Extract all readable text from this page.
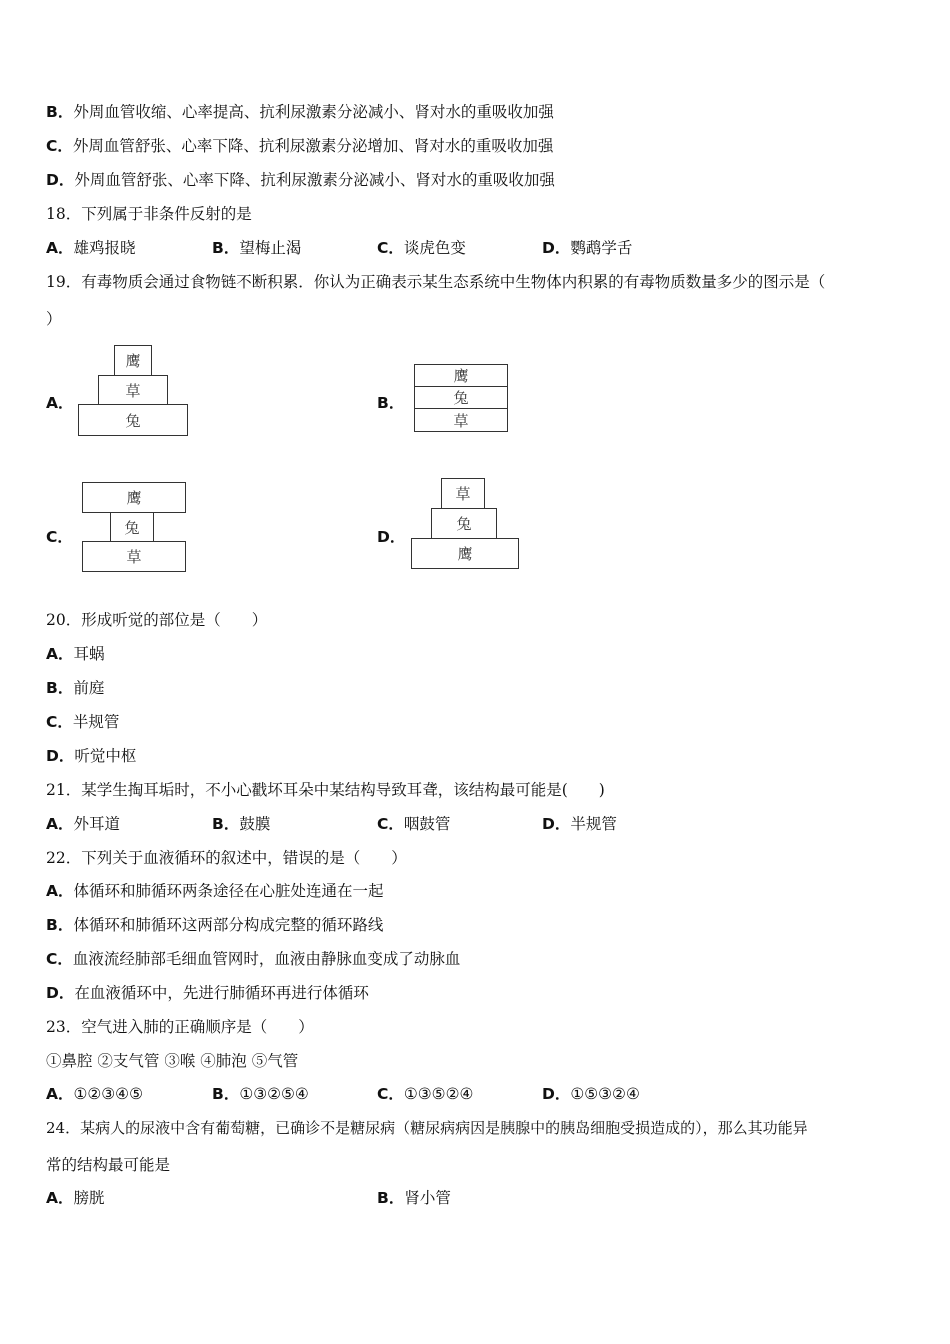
B．外周血管收缩、心率提高、抗利尿激素分泌减小、肾对水的重吸收加强
C．外周血管舒张、心率下降、抗利尿激素分泌增加、肾对水的重吸收加强
D．外周血管舒张、心率下降、抗利尿激素分泌减小、肾对水的重吸收加强
18．下列属于非条件反射的是
A．雄鸡报晓	B．望梅止渴	C．谈虎色变	D．鹦鹉学舌
19．有毒物质会通过食物链不断积累．你认为正确表示某生态系统中生物体内积累的有毒物质数量多少的图示是（
）
A．
鹰
草
兔
B．
鹰
兔
草
C．
鹰
兔
草
D．
草
兔
鹰
20．形成听觉的部位是（　　）
A．耳蜗
B．前庭
C．半规管
D．听觉中枢
21．某学生掏耳垢时，不小心戳坏耳朵中某结构导致耳聋，该结构最可能是(　　)
A．外耳道	B．鼓膜	C．咽鼓管	D．半规管
22．下列关于血液循环的叙述中，错误的是（　　）
A．体循环和肺循环两条途径在心脏处连通在一起
B．体循环和肺循环这两部分构成完整的循环路线
C．血液流经肺部毛细血管网时，血液由静脉血变成了动脉血
D．在血液循环中，先进行肺循环再进行体循环
23．空气进入肺的正确顺序是（　　）
①鼻腔 ②支气管 ③喉 ④肺泡 ⑤气管
A．①②③④⑤	B．①③②⑤④	C．①③⑤②④	D．①⑤③②④
24．某病人的尿液中含有葡萄糖，已确诊不是糖尿病（糖尿病病因是胰腺中的胰岛细胞受损造成的），那么其功能异
常的结构最可能是
A．膀胱	B．肾小管
